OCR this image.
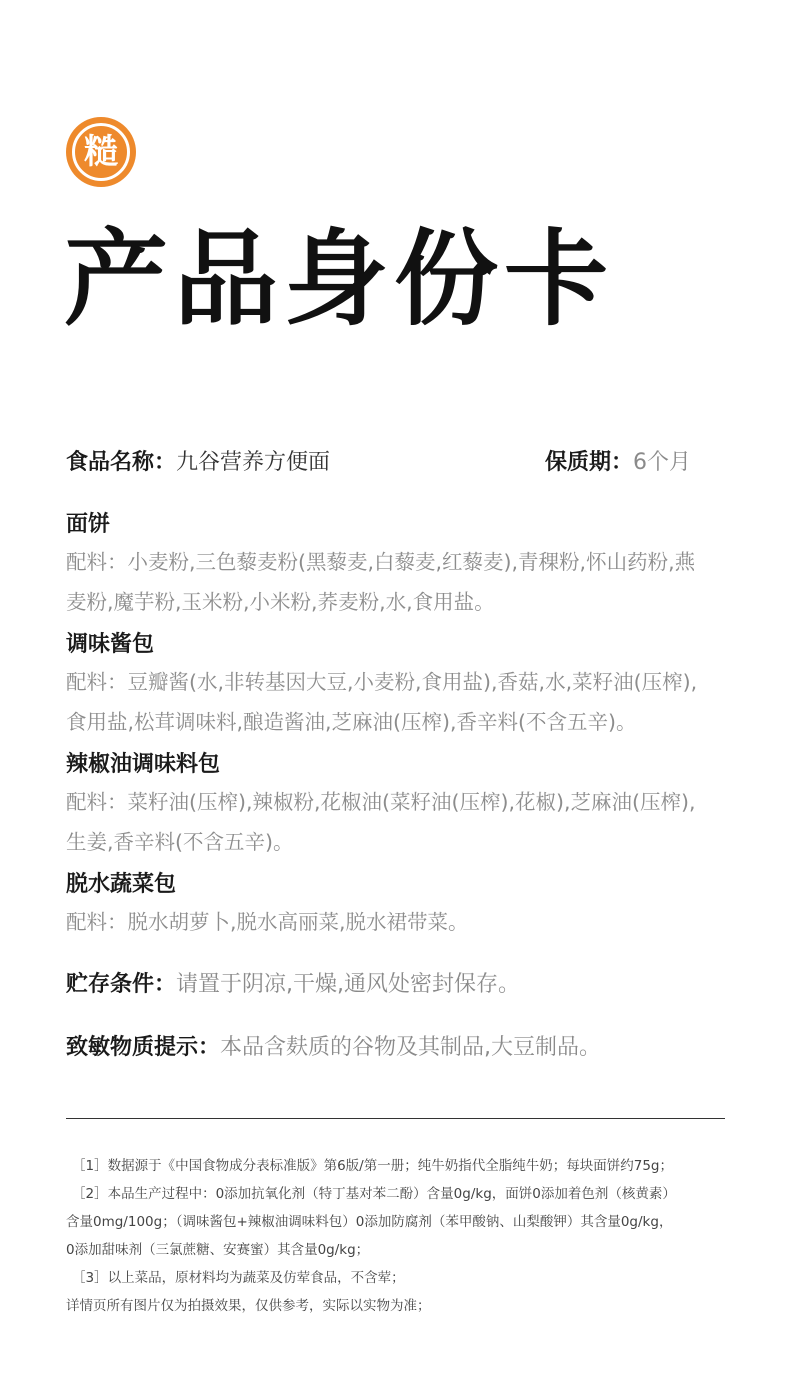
糙
产品身份卡
食品名称：九谷营养方便面	保质期：6个月
面饼
配料：小麦粉,三色藜麦粉(黑藜麦,白藜麦,红藜麦),青稞粉,怀山药粉,燕
麦粉,魔芋粉,玉米粉,小米粉,荞麦粉,水,食用盐。
调味酱包
配料：豆瓣酱(水,非转基因大豆,小麦粉,食用盐),香菇,水,菜籽油(压榨),
食用盐,松茸调味料,酿造酱油,芝麻油(压榨),香辛料(不含五辛)。
辣椒油调味料包
配料：菜籽油(压榨),辣椒粉,花椒油(菜籽油(压榨),花椒),芝麻油(压榨),
生姜,香辛料(不含五辛)。
脱水蔬菜包
配料：脱水胡萝卜,脱水高丽菜,脱水裙带菜。
贮存条件：请置于阴凉,干燥,通风处密封保存。
致敏物质提示：本品含麸质的谷物及其制品,大豆制品。

［1］数据源于《中国食物成分表标准版》第6版/第一册；纯牛奶指代全脂纯牛奶；每块面饼约75g；

［2］本品生产过程中：0添加抗氧化剂（特丁基对苯二酚）含量0g/kg，面饼0添加着色剂（核黄素）

含量0mg/100g；（调味酱包+辣椒油调味料包）0添加防腐剂（苯甲酸钠、山梨酸钾）其含量0g/kg，

0添加甜味剂（三氯蔗糖、安赛蜜）其含量0g/kg；

［3］以上菜品，原材料均为蔬菜及仿荤食品，不含荤；

详情页所有图片仅为拍摄效果，仅供参考，实际以实物为准；
